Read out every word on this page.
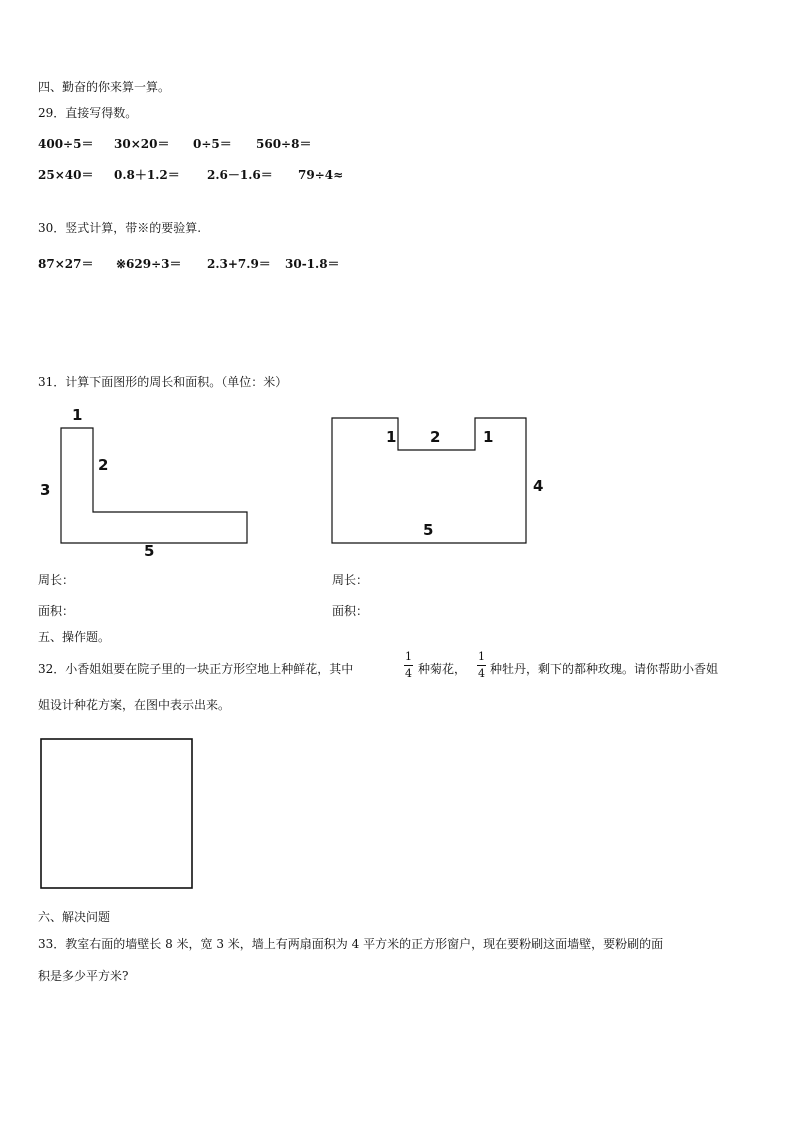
四、勤奋的你来算一算。
29．直接写得数。
400÷5＝ 30×20＝ 0÷5＝ 560÷8＝
25×40＝ 0.8＋1.2＝ 2.6－1.6＝ 79÷4≈
30．竖式计算，带※的要验算.
87×27＝ ※629÷3＝ 2.3+7.9＝ 30-1.8＝
31．计算下面图形的周长和面积。（单位：米）
1
2
3
5
1 2	1
4
5
周长：
面积：
周长：
面积：
五、操作题。
32．小香姐姐要在院子里的一块正方形空地上种鲜花，其中
1
4 种菊花，
1
4 种牡丹，剩下的都种玫瑰。请你帮助小香姐
姐设计种花方案，在图中表示出来。
六、解决问题
33．教室右面的墙壁长 8 米，宽 3 米，墙上有两扇面积为 4 平方米的正方形窗户，现在要粉刷这面墙壁，要粉刷的面
积是多少平方米?
